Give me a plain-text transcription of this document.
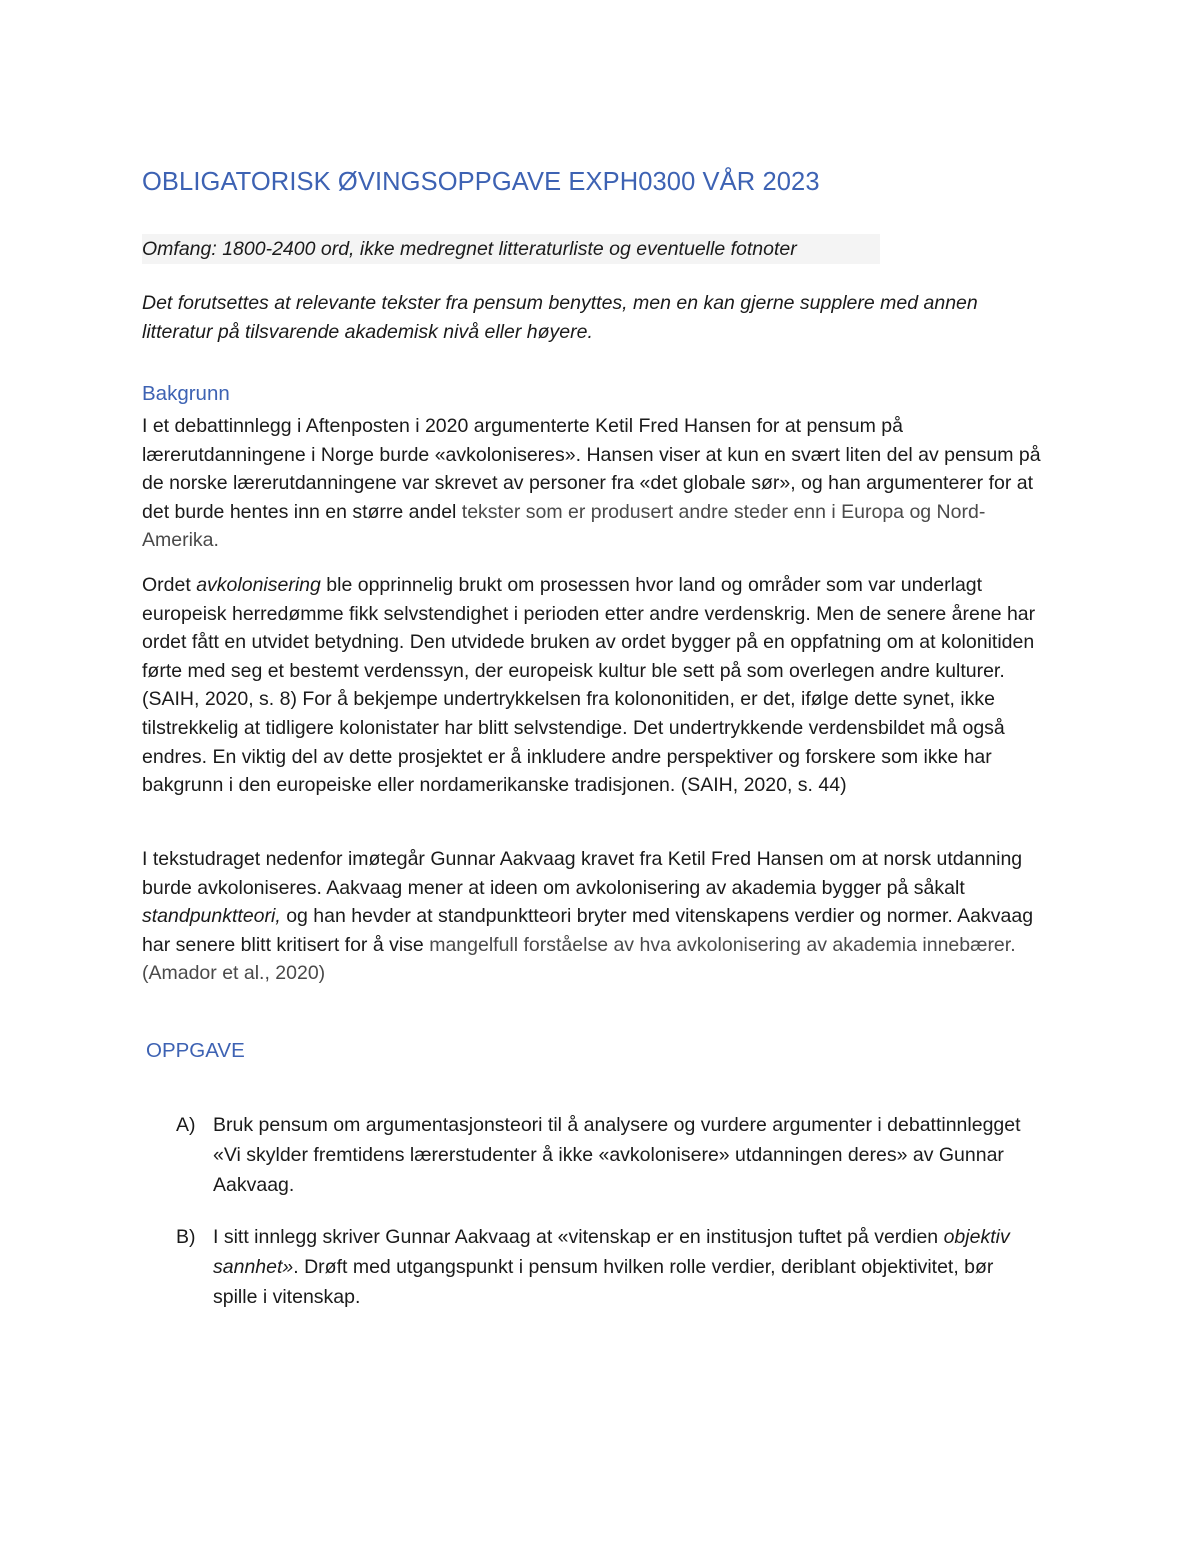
OBLIGATORISK ØVINGSOPPGAVE EXPH0300 VÅR 2023
Omfang: 1800-2400 ord, ikke medregnet litteraturliste og eventuelle fotnoter
Det forutsettes at relevante tekster fra pensum benyttes, men en kan gjerne supplere med annen litteratur på tilsvarende akademisk nivå eller høyere.
Bakgrunn
I et debattinnlegg i Aftenposten i 2020 argumenterte Ketil Fred Hansen for at pensum på lærerutdanningene i Norge burde «avkoloniseres». Hansen viser at kun en svært liten del av pensum på de norske lærerutdanningene var skrevet av personer fra «det globale sør», og han argumenterer for at det burde hentes inn en større andel tekster som er produsert andre steder enn i Europa og Nord-Amerika.
Ordet avkolonisering ble opprinnelig brukt om prosessen hvor land og områder som var underlagt europeisk herredømme fikk selvstendighet i perioden etter andre verdenskrig. Men de senere årene har ordet fått en utvidet betydning. Den utvidede bruken av ordet bygger på en oppfatning om at kolonitiden førte med seg et bestemt verdenssyn, der europeisk kultur ble sett på som overlegen andre kulturer. (SAIH, 2020, s. 8) For å bekjempe undertrykkelsen fra kolononitiden, er det, ifølge dette synet, ikke tilstrekkelig at tidligere kolonistater har blitt selvstendige. Det undertrykkende verdensbildet må også endres. En viktig del av dette prosjektet er å inkludere andre perspektiver og forskere som ikke har bakgrunn i den europeiske eller nordamerikanske tradisjonen. (SAIH, 2020, s. 44)
I tekstudraget nedenfor imøtegår Gunnar Aakvaag kravet fra Ketil Fred Hansen om at norsk utdanning burde avkoloniseres. Aakvaag mener at ideen om avkolonisering av akademia bygger på såkalt standpunktteori, og han hevder at standpunktteori bryter med vitenskapens verdier og normer. Aakvaag har senere blitt kritisert for å vise mangelfull forståelse av hva avkolonisering av akademia innebærer. (Amador et al., 2020)
OPPGAVE
A) Bruk pensum om argumentasjonsteori til å analysere og vurdere argumenter i debattinnlegget «Vi skylder fremtidens lærerstudenter å ikke «avkolonisere» utdanningen deres» av Gunnar Aakvaag.
B) I sitt innlegg skriver Gunnar Aakvaag at «vitenskap er en institusjon tuftet på verdien objektiv sannhet». Drøft med utgangspunkt i pensum hvilken rolle verdier, deriblant objektivitet, bør spille i vitenskap.
